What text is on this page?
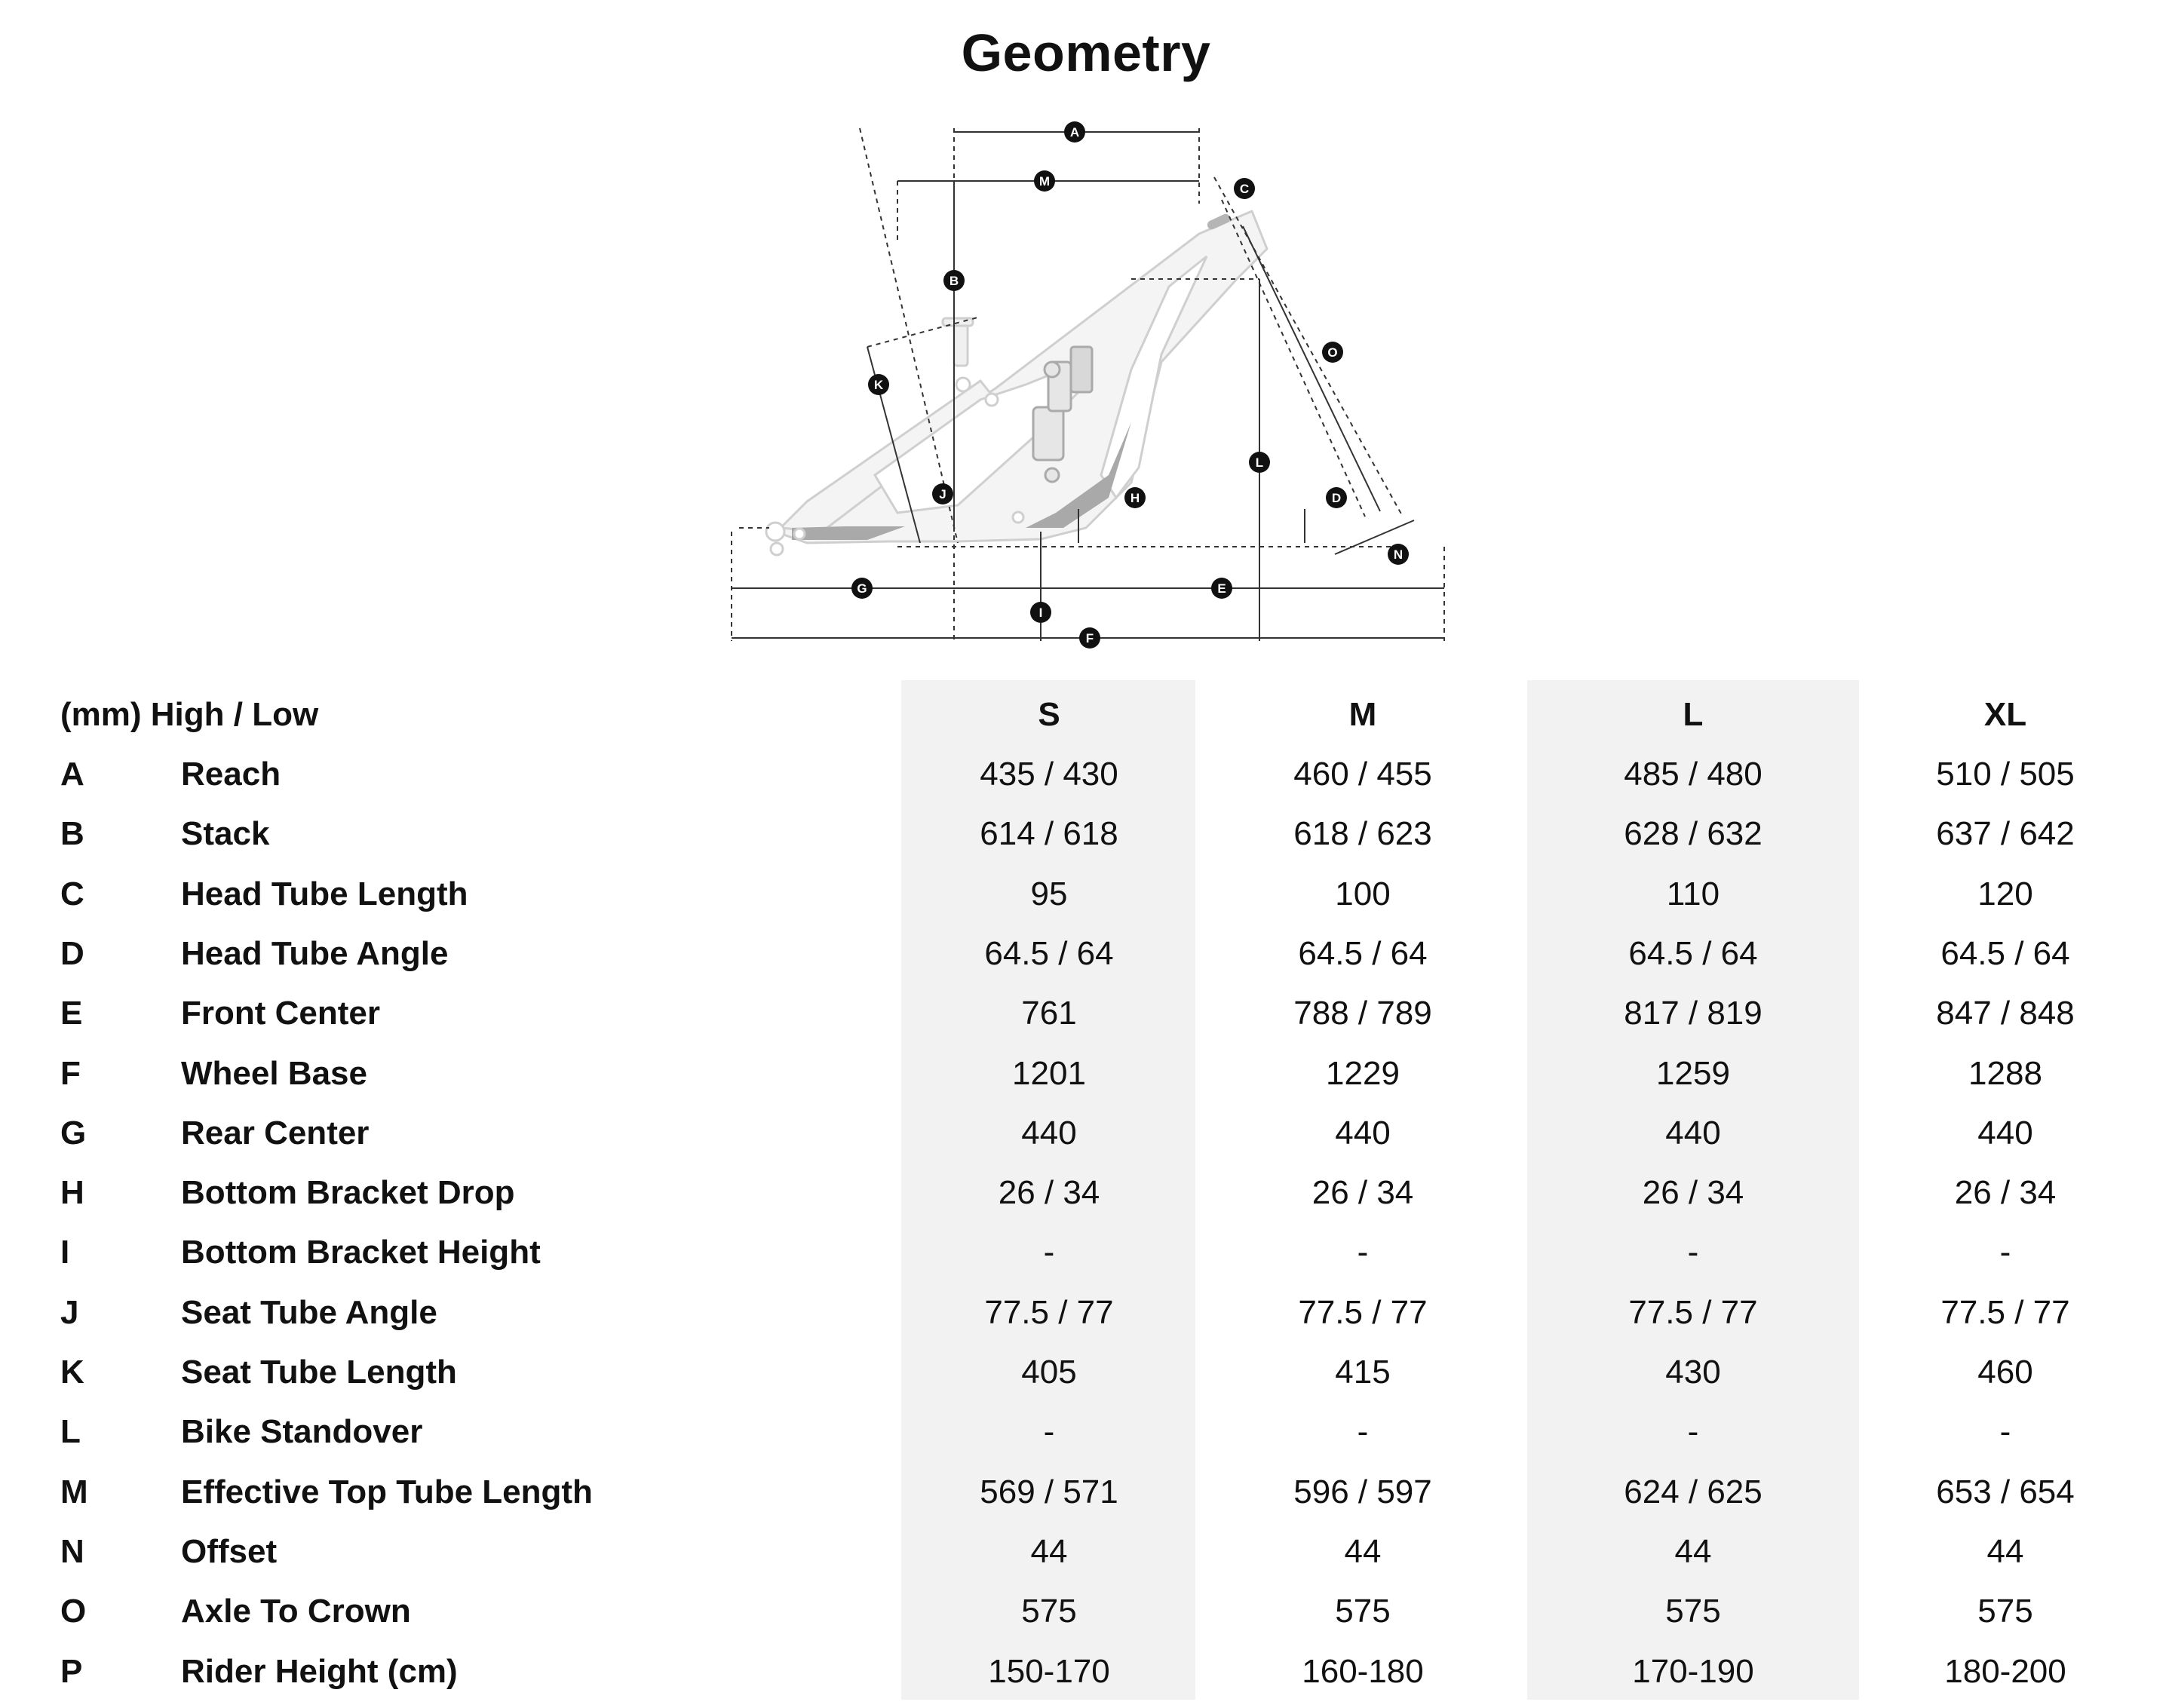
Geometry
A
M
C
B
O
K
L
J	H	D
N
G	E
I
F
(mm) High / Low	S	M	L	XL
A	Reach	435 / 430	460 / 455	485 / 480	510 / 505
B	Stack	614 / 618	618 / 623	628 / 632	637 / 642
C	Head Tube Length	95	100	110	120
D	Head Tube Angle	64.5 / 64	64.5 / 64	64.5 / 64	64.5 / 64
E	Front Center	761	788 / 789	817 / 819	847 / 848
F	Wheel Base	1201	1229	1259	1288
G	Rear Center	440	440	440	440
H	Bottom Bracket Drop	26 / 34	26 / 34	26 / 34	26 / 34
I	Bottom Bracket Height	-	-	-	-
J	Seat Tube Angle	77.5 / 77	77.5 / 77	77.5 / 77	77.5 / 77
K	Seat Tube Length	405	415	430	460
L	Bike Standover	-	-	-	-
M	Effective Top Tube Length	569 / 571	596 / 597	624 / 625	653 / 654
N	Offset	44	44	44	44
O	Axle To Crown	575	575	575	575
P	Rider Height (cm)	150-170	160-180	170-190	180-200
